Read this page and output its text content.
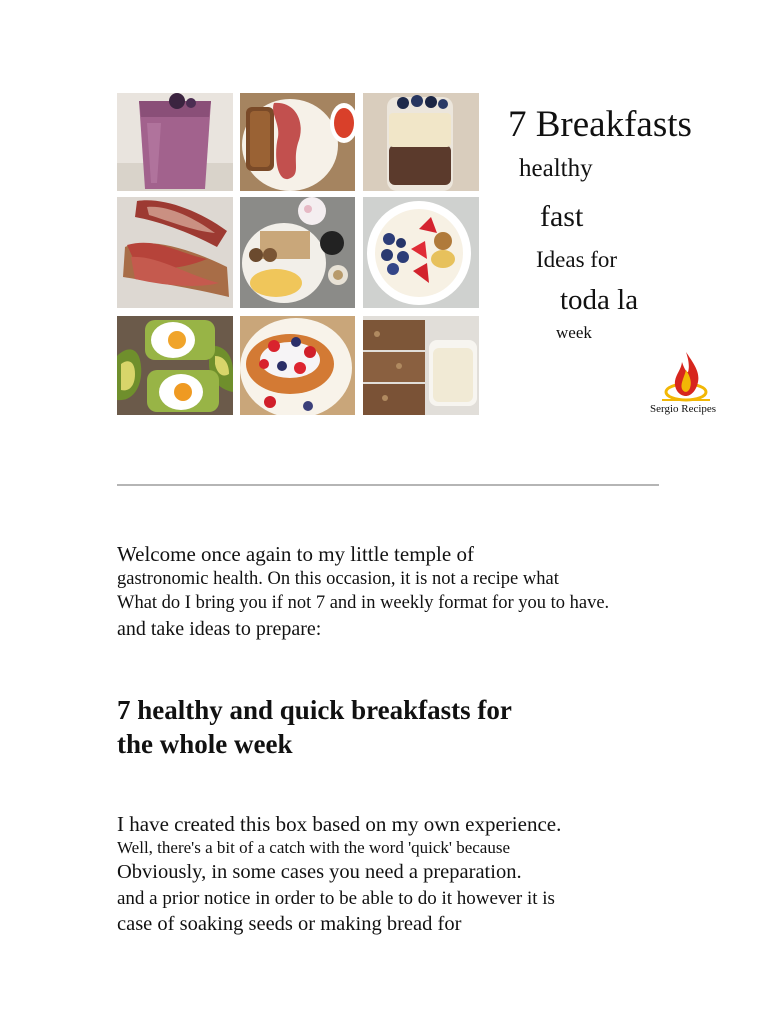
7 Breakfasts
healthy
fast
Ideas for
toda la
week
Sergio Recipes
Welcome once again to my little temple of
gastronomic health. On this occasion, it is not a recipe what
What do I bring you if not 7 and in weekly format for you to have.
and take ideas to prepare:
7 healthy and quick breakfasts for
the whole week
I have created this box based on my own experience.
Well, there's a bit of a catch with the word 'quick' because
Obviously, in some cases you need a preparation.
and a prior notice in order to be able to do it however it is
case of soaking seeds or making bread for
